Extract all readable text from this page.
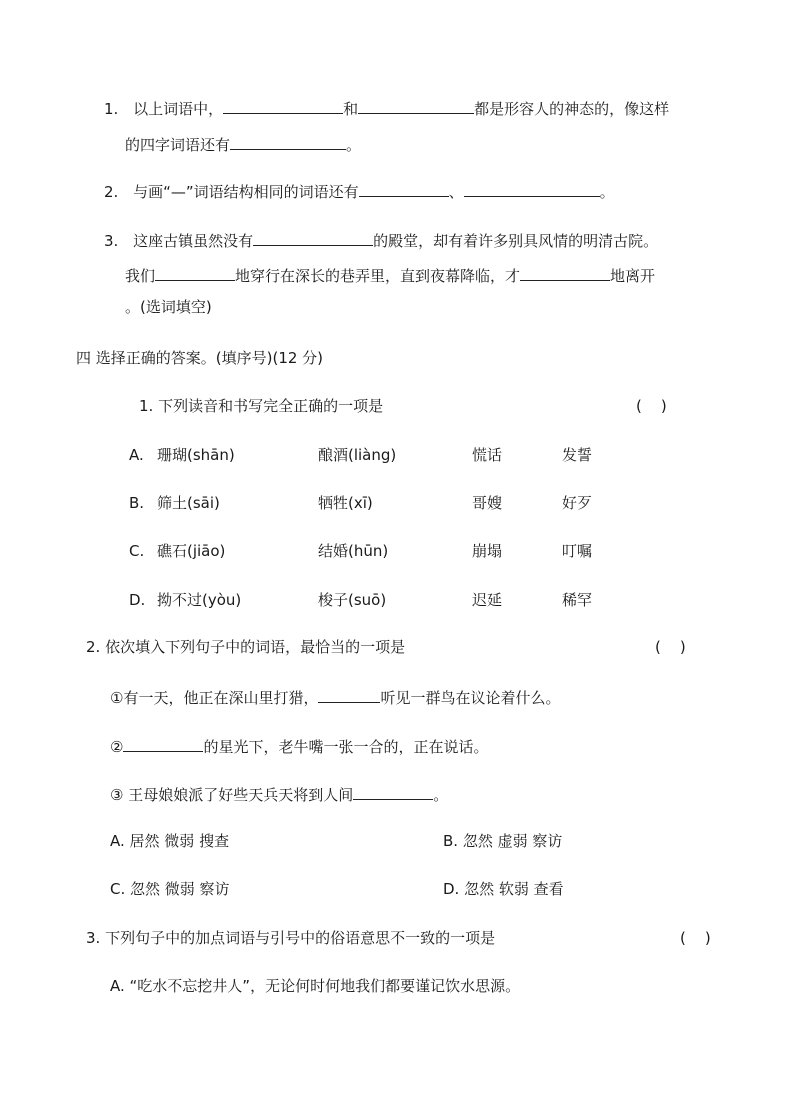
1. 以上词语中，	和	都是形容人的神态的，像这样
的四字词语还有	。
2. 与画“—”词语结构相同的词语还有	、	。
3. 这座古镇虽然没有	的殿堂，却有着许多别具风情的明清古院。
我们	地穿行在深长的巷弄里，直到夜幕降临，才	地离开
。(选词填空)
四 选择正确的答案。(填序号)(12 分)
1. 下列读音和书写完全正确的一项是	(    )
A. 珊瑚(shān)	酿酒(liàng)	慌话	发誓
B. 筛土(sāi)	牺牲(xī)	哥嫂	好歹
C. 礁石(jiāo)	结婚(hūn)	崩塌	叮嘱
D. 拗不过(yòu)	梭子(suō)	迟延	稀罕
2. 依次填入下列句子中的词语，最恰当的一项是	(    )
①有一天，他正在深山里打猎，	听见一群鸟在议论着什么。
②	的星光下，老牛嘴一张一合的，正在说话。
③ 王母娘娘派了好些天兵天将到人间	。
A. 居然 微弱 搜查	B. 忽然 虚弱 察访
C. 忽然 微弱 察访	D. 忽然 软弱 查看
3. 下列句子中的加点词语与引号中的俗语意思不一致的一项是	(    )
A. “吃水不忘挖井人”，无论何时何地我们都要谨记饮水思源。
